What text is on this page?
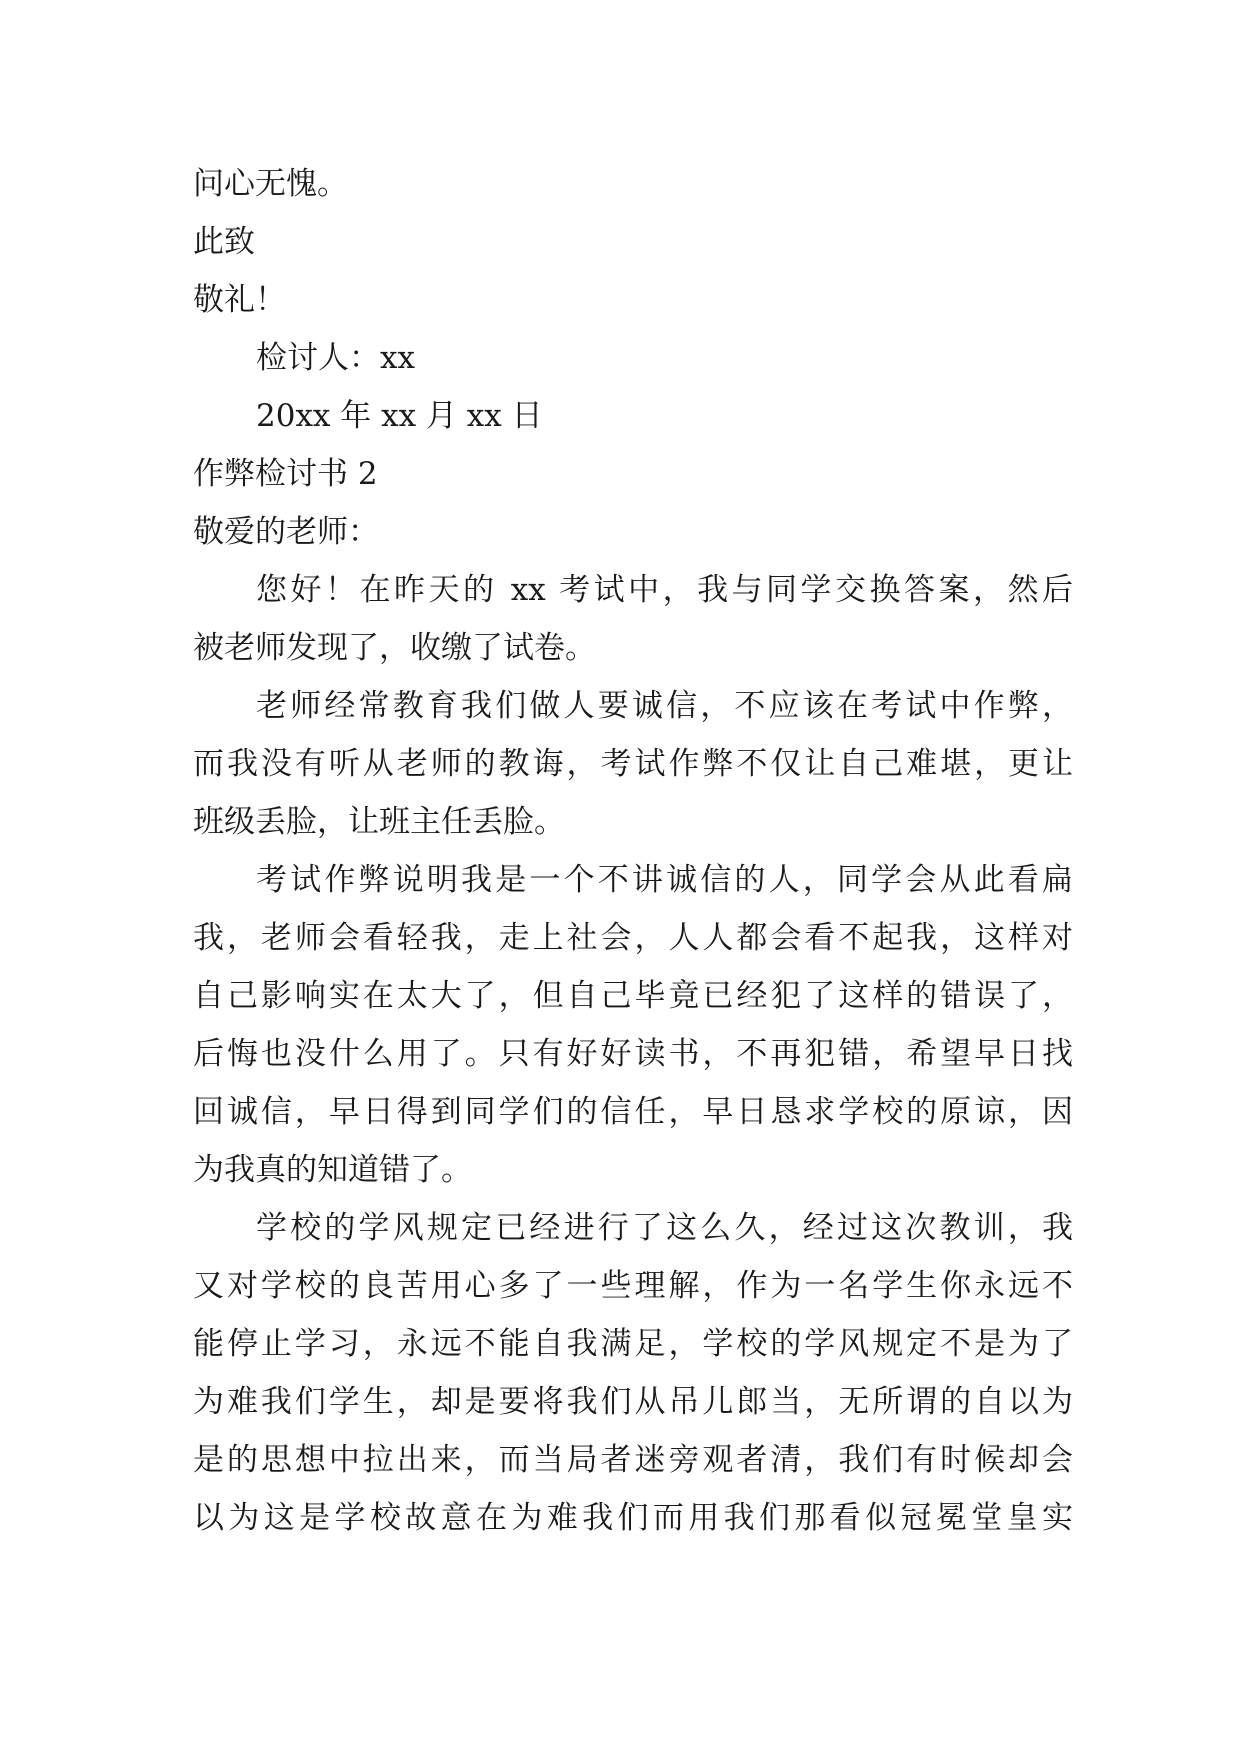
问心无愧。
此致
敬礼！
检讨人：xx
20xx 年 xx 月 xx 日
作弊检讨书 2
敬爱的老师：
您好！在昨天的 xx 考试中，我与同学交换答案，然后
被老师发现了，收缴了试卷。
老师经常教育我们做人要诚信，不应该在考试中作弊，
而我没有听从老师的教诲，考试作弊不仅让自己难堪，更让
班级丢脸，让班主任丢脸。
考试作弊说明我是一个不讲诚信的人，同学会从此看扁
我，老师会看轻我，走上社会，人人都会看不起我，这样对
自己影响实在太大了，但自己毕竟已经犯了这样的错误了，
后悔也没什么用了。只有好好读书，不再犯错，希望早日找
回诚信，早日得到同学们的信任，早日恳求学校的原谅，因
为我真的知道错了。
学校的学风规定已经进行了这么久，经过这次教训，我
又对学校的良苦用心多了一些理解，作为一名学生你永远不
能停止学习，永远不能自我满足，学校的学风规定不是为了
为难我们学生，却是要将我们从吊儿郎当，无所谓的自以为
是的思想中拉出来，而当局者迷旁观者清，我们有时候却会
以为这是学校故意在为难我们而用我们那看似冠冕堂皇实
